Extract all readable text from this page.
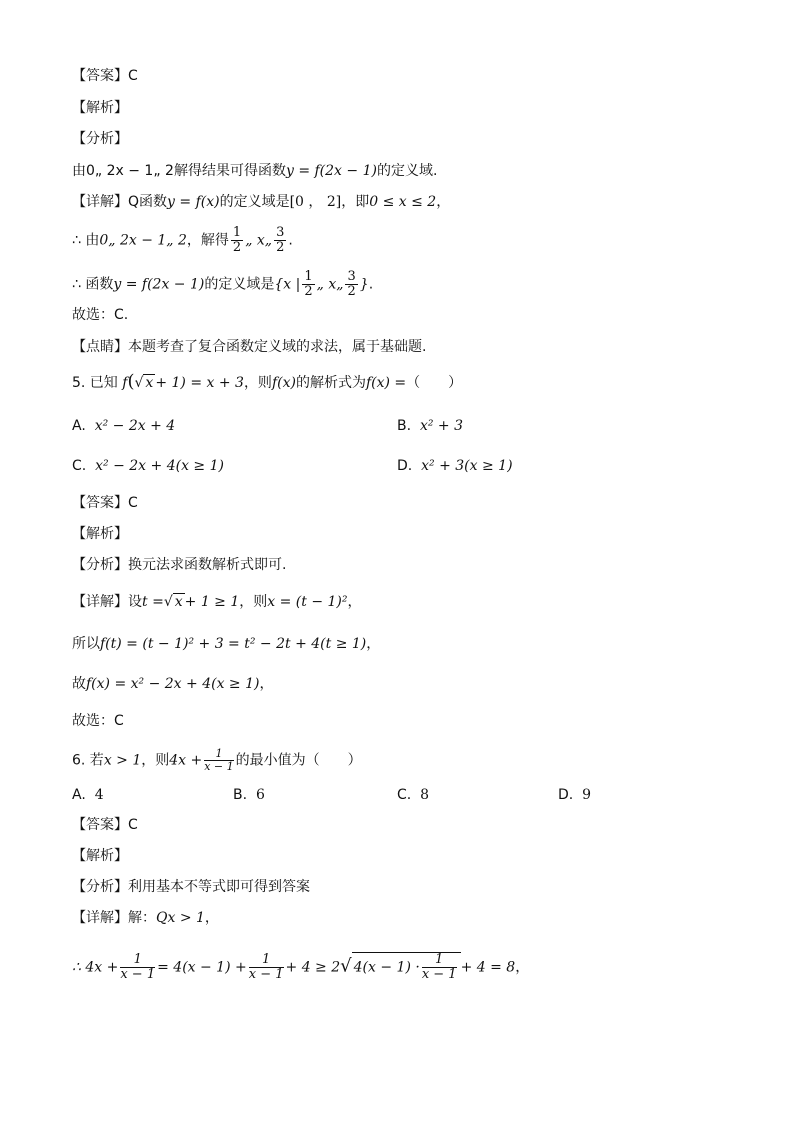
【答案】C
【解析】
【分析】
由0„ 2x − 1„ 2解得结果可得函数y = f(2x − 1)的定义域.
【详解】Q函数y = f(x)的定义域是[0 ， 2]，即0 ≤ x ≤ 2，
∴ 由0„ 2x − 1„ 2，解得 $\frac{1}{2}$ „ x„ $\frac{3}{2}$ .
∴ 函数y = f(2x − 1)的定义域是{x | $\frac{1}{2}$ „ x„ $\frac{3}{2}$ }.
故选：C.
【点睛】本题考查了复合函数定义域的求法，属于基础题.
5. 已知 f(√ x + 1) = x + 3，则f(x)的解析式为f(x) =（　　）
A. x² − 2x + 4	B. x² + 3
C. x² − 2x + 4(x ≥ 1)	D. x² + 3(x ≥ 1)
【答案】C
【解析】
【分析】换元法求函数解析式即可.
【详解】设t =√ x + 1 ≥ 1，则x = (t − 1)²，
所以f(t) = (t − 1)² + 3 = t² − 2t + 4(t ≥ 1)，
故f(x) = x² − 2x + 4(x ≥ 1)，
故选：C
6. 若x > 1，则$4x + \frac{1}{x - 1}$ 的最小值为（　　）
A. 4	B. 6	C. 8	D. 9
【答案】C
【解析】
【分析】利用基本不等式即可得到答案
【详解】解：Qx > 1，
∴ $4x + \frac{1}{x - 1} = 4(x - 1) + \frac{1}{x - 1} + 4 \ge 2√$ $4(x - 1) \cdot \frac{1}{x - 1} + 4 = 8$，
